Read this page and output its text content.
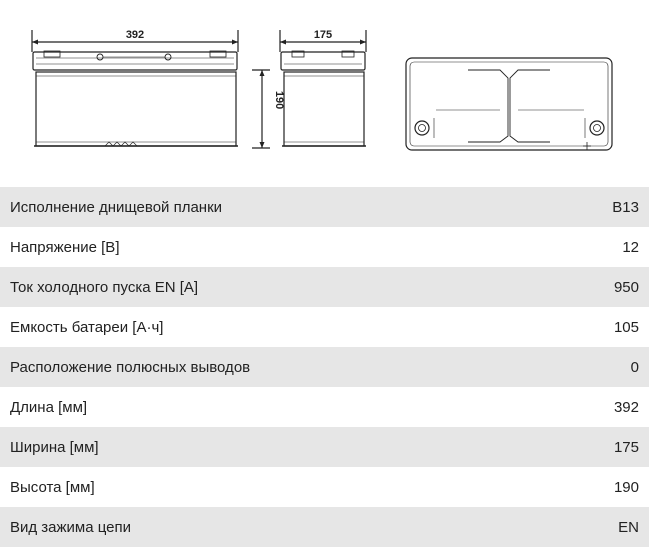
392	175
190
Исполнение днищевой планки	B13
Напряжение [В]	12
Ток холодного пуска EN [А]	950
Емкость батареи [А·ч]	105
Расположение полюсных выводов	0
Длина [мм]	392
Ширина [мм]	175
Высота [мм]	190
Вид зажима цепи	EN
